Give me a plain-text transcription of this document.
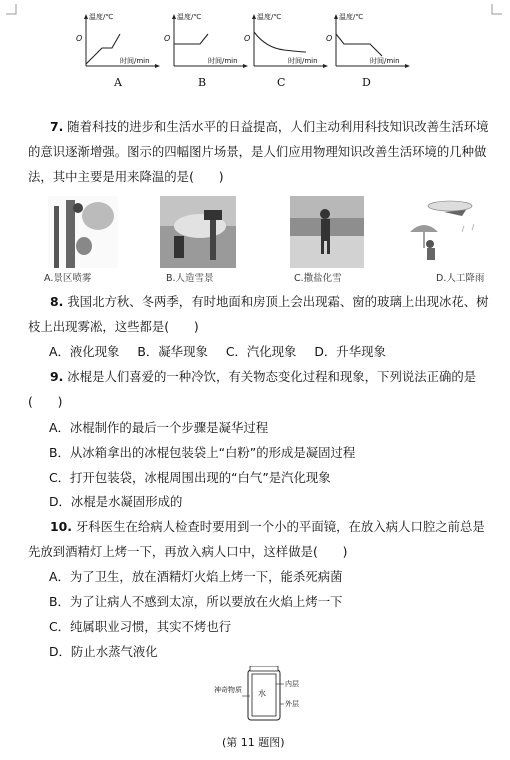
温度/℃
时间/min
O
A
温度/℃
时间/min
O
B
温度/℃
时间/min
O
C
温度/℃
时间/min
O
D
7. 随着科技的进步和生活水平的日益提高，人们主动利用科技知识改善生活环境的意识逐渐增强。图示的四幅图片场景，是人们应用物理知识改善生活环境的几种做法，其中主要是用来降温的是(　　)
A.景区喷雾	B.人造雪景	C.撒盐化雪	D.人工降雨
8. 我国北方秋、冬两季，有时地面和房顶上会出现霜、窗的玻璃上出现冰花、树枝上出现雾凇，这些都是(　　)
A．液化现象 B．凝华现象 C．汽化现象 D．升华现象
9. 冰棍是人们喜爱的一种冷饮，有关物态变化过程和现象，下列说法正确的是(　　)
A．冰棍制作的最后一个步骤是凝华过程
B．从冰箱拿出的冰棍包装袋上“白粉”的形成是凝固过程
C．打开包装袋，冰棍周围出现的“白气”是汽化现象
D．冰棍是水凝固形成的
10. 牙科医生在给病人检查时要用到一个小的平面镜，在放入病人口腔之前总是先放到酒精灯上烤一下，再放入病人口中，这样做是(　　)
A．为了卫生，放在酒精灯火焰上烤一下，能杀死病菌
B．为了让病人不感到太凉，所以要放在火焰上烤一下
C．纯属职业习惯，其实不烤也行
D．防止水蒸气液化
神奇物质 水
内层
外层
(第 11 题图)
